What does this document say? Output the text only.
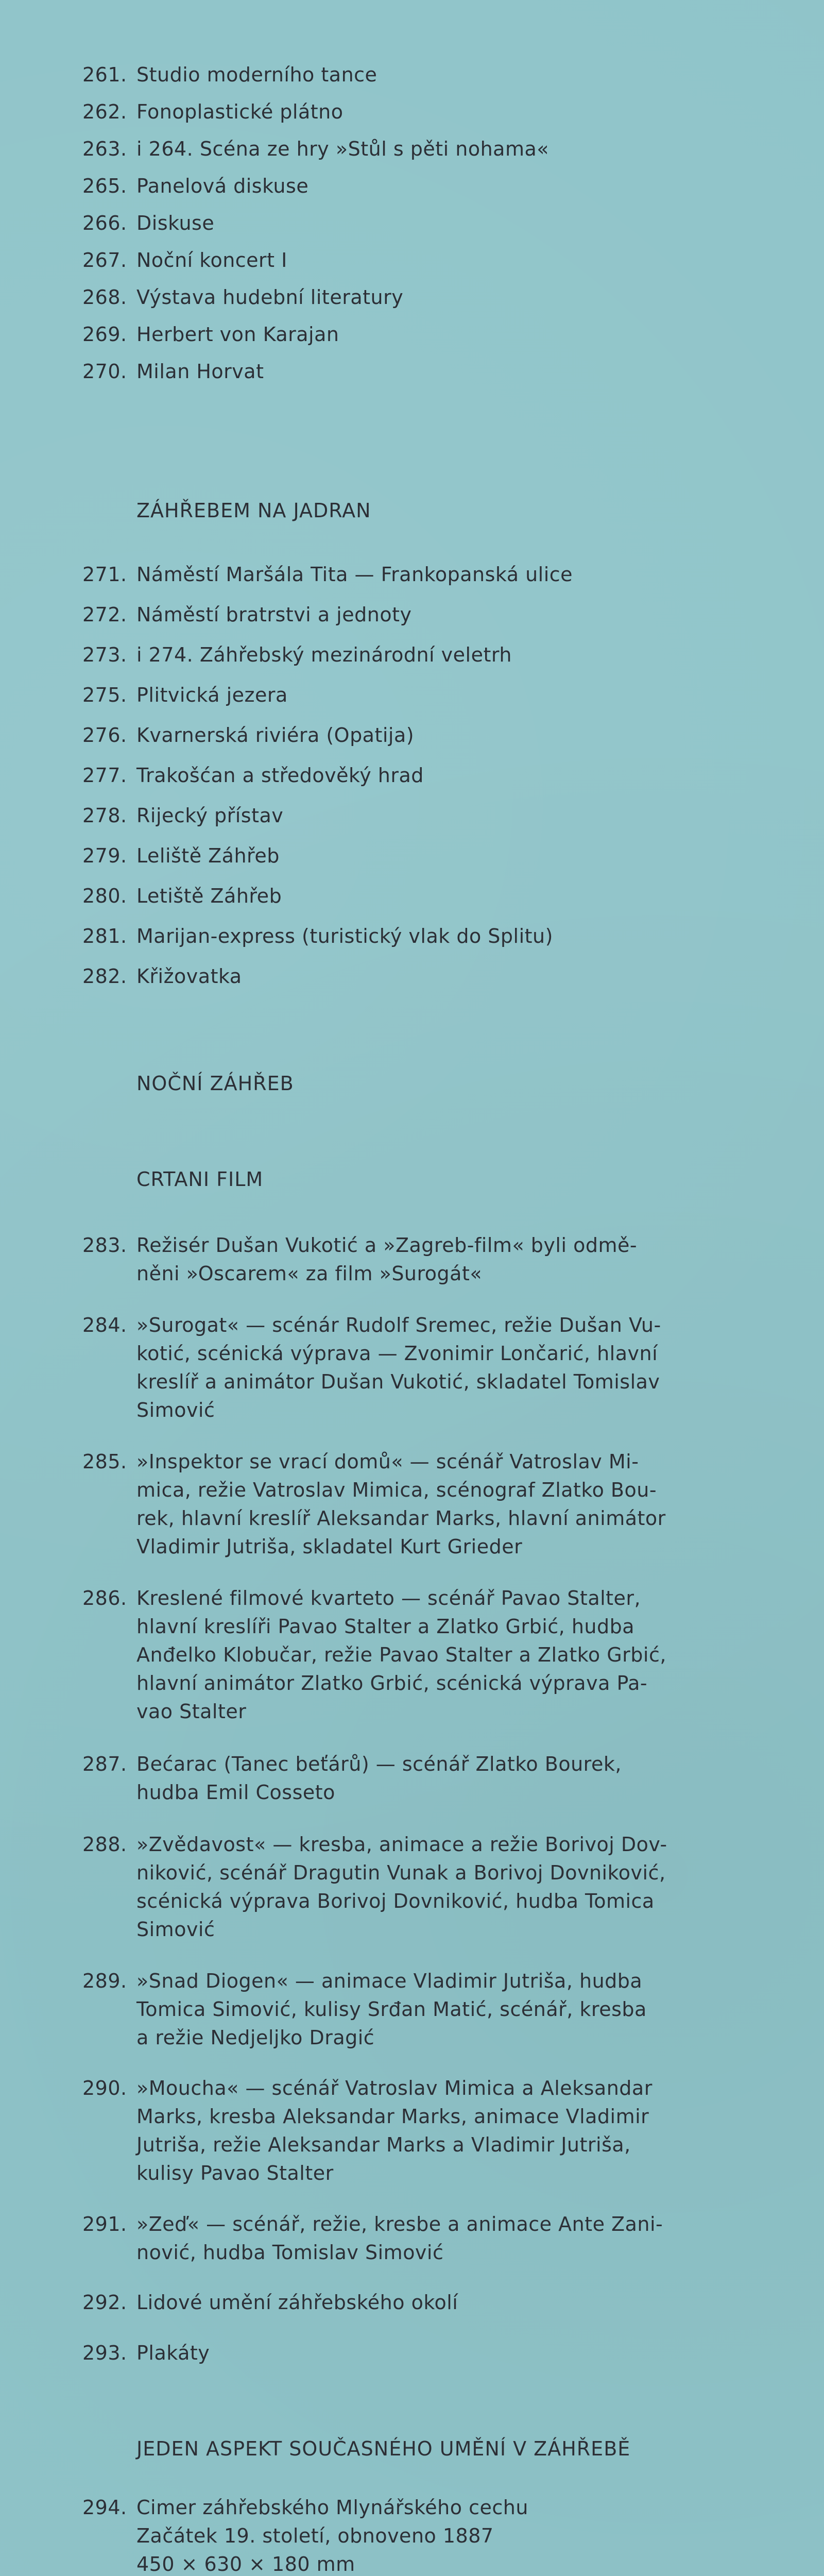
261. Studio moderního tance
262. Fonoplastické plátno
263. i 264. Scéna ze hry »Stůl s pěti nohama«
265. Panelová diskuse
266. Diskuse
267. Noční koncert I
268. Výstava hudební literatury
269. Herbert von Karajan
270. Milan Horvat
ZÁHŘEBEM NA JADRAN
271. Náměstí Maršála Tita — Frankopanská ulice
272. Náměstí bratrstvi a jednoty
273. i 274. Záhřebský mezinárodní veletrh
275. Plitvická jezera
276. Kvarnerská riviéra (Opatija)
277. Trakošćan a středověký hrad
278. Rijecký přístav
279. Leliště Záhřeb
280. Letiště Záhřeb
281. Marijan-express (turistický vlak do Splitu)
282. Křižovatka
NOČNÍ ZÁHŘEB
CRTANI FILM
283. Režisér Dušan Vukotić a »Zagreb-film« byli odmě-
něni »Oscarem« za film »Surogát«
284. »Surogat« — scénár Rudolf Sremec, režie Dušan Vu-
kotić, scénická výprava — Zvonimir Lončarić, hlavní
kreslíř a animátor Dušan Vukotić, skladatel Tomislav
Simović
285. »Inspektor se vrací domů« — scénář Vatroslav Mi-
mica, režie Vatroslav Mimica, scénograf Zlatko Bou-
rek, hlavní kreslíř Aleksandar Marks, hlavní animátor
Vladimir Jutriša, skladatel Kurt Grieder
286. Kreslené filmové kvarteto — scénář Pavao Stalter,
hlavní kreslíři Pavao Stalter a Zlatko Grbić, hudba
Anđelko Klobučar, režie Pavao Stalter a Zlatko Grbić,
hlavní animátor Zlatko Grbić, scénická výprava Pa-
vao Stalter
287. Bećarac (Tanec beťárů) — scénář Zlatko Bourek,
hudba Emil Cosseto
288. »Zvědavost« — kresba, animace a režie Borivoj Dov-
niković, scénář Dragutin Vunak a Borivoj Dovniković,
scénická výprava Borivoj Dovniković, hudba Tomica
Simović
289. »Snad Diogen« — animace Vladimir Jutriša, hudba
Tomica Simović, kulisy Srđan Matić, scénář, kresba
a režie Nedjeljko Dragić
290. »Moucha« — scénář Vatroslav Mimica a Aleksandar
Marks, kresba Aleksandar Marks, animace Vladimir
Jutriša, režie Aleksandar Marks a Vladimir Jutriša,
kulisy Pavao Stalter
291. »Zeď« — scénář, režie, kresbe a animace Ante Zani-
nović, hudba Tomislav Simović
292. Lidové umění záhřebského okolí
293. Plakáty
JEDEN ASPEKT SOUČASNÉHO UMĚNÍ V ZÁHŘEBĚ
294. Cimer záhřebského Mlynářského cechu
Začátek 19. století, obnoveno 1887
450 × 630 × 180 mm
